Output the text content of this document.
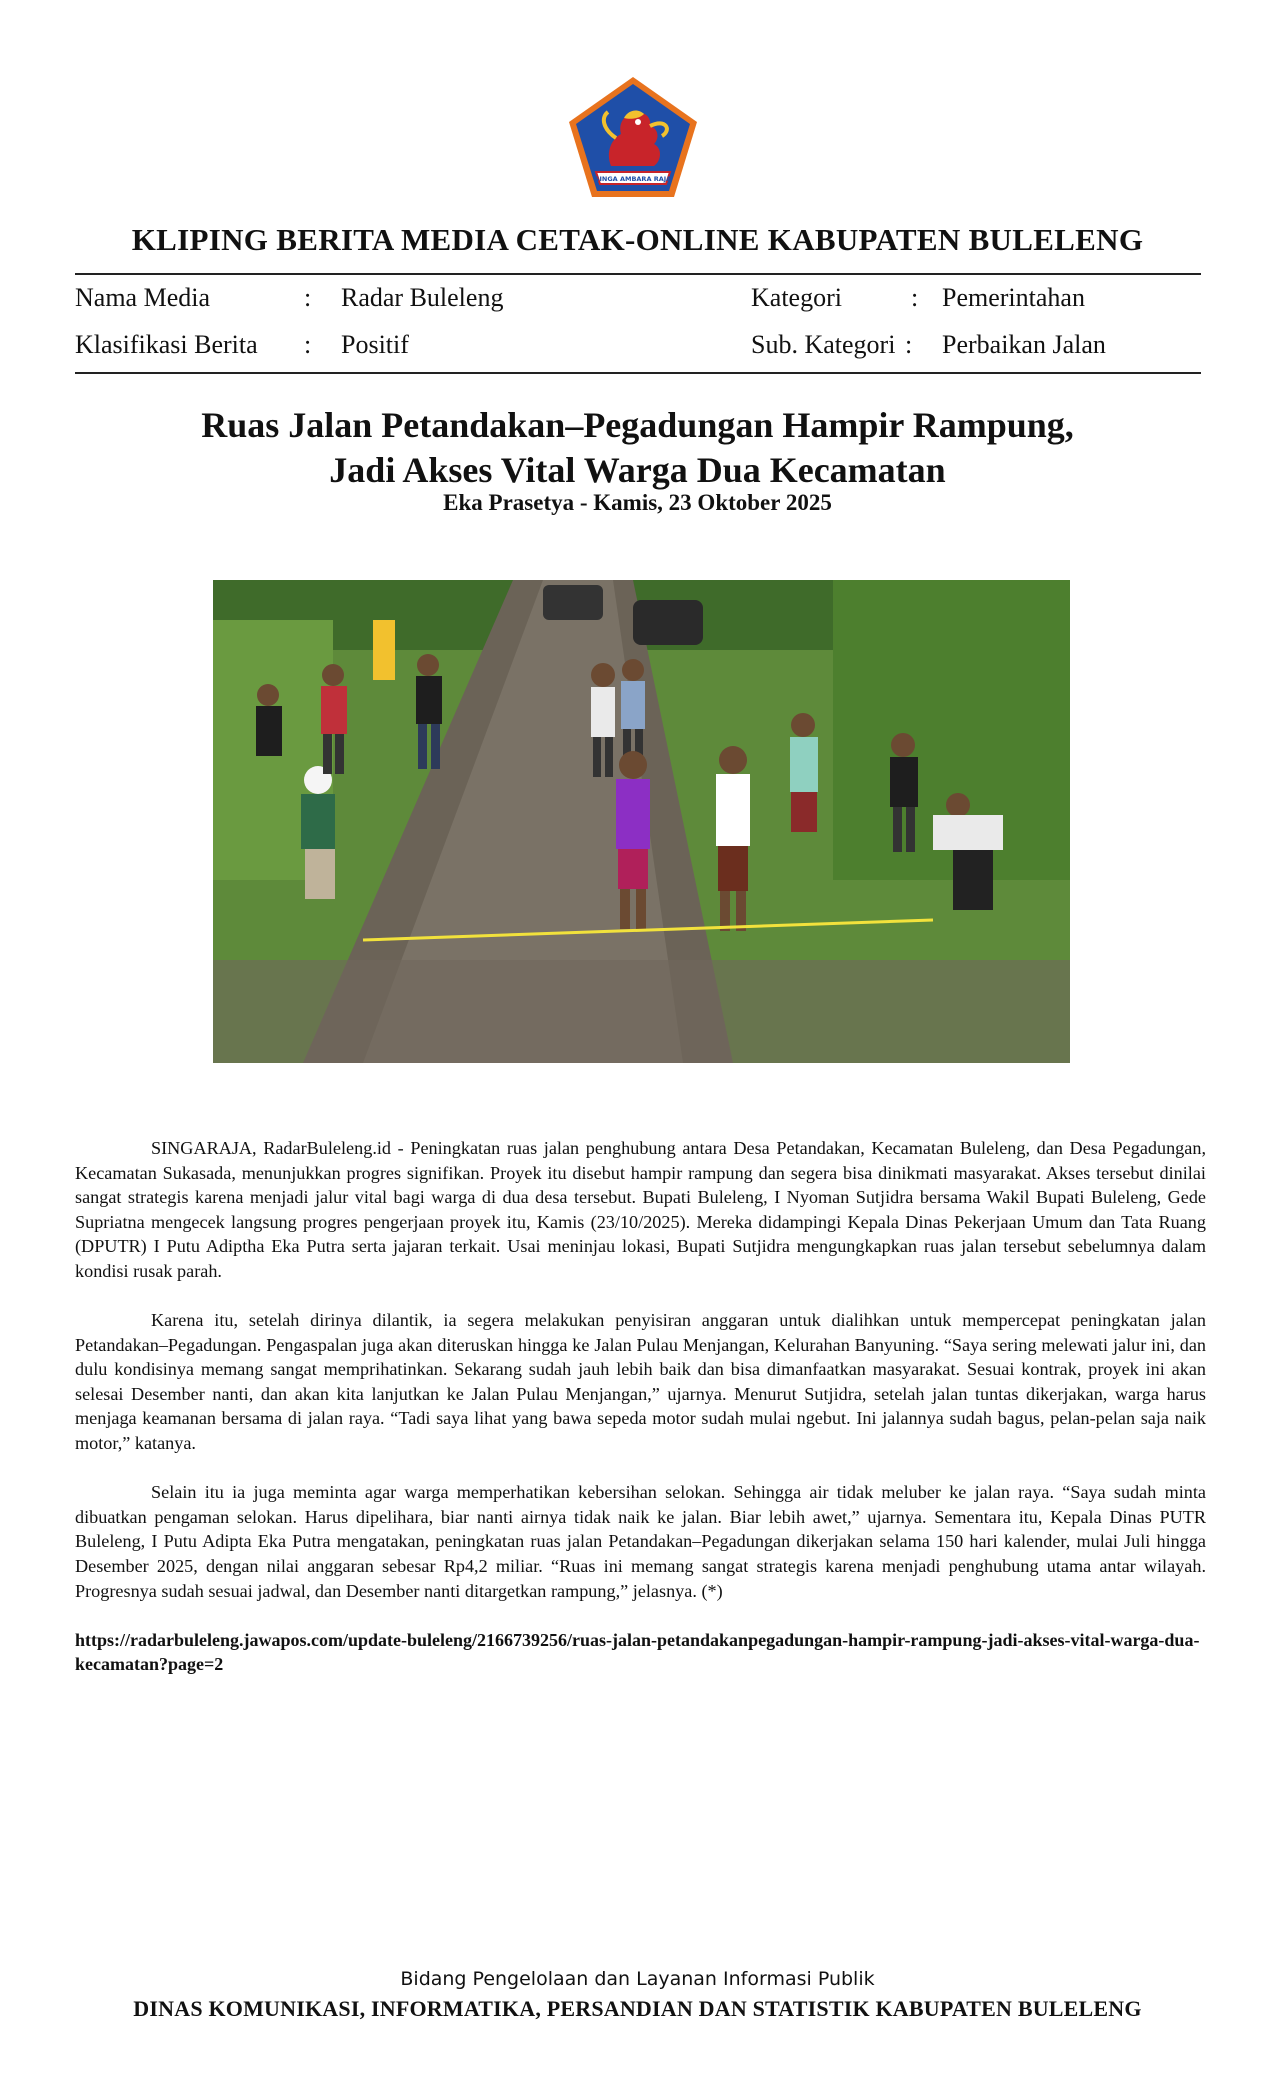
SINGA AMBARA RAJA
KLIPING BERITA MEDIA CETAK-ONLINE KABUPATEN BULELENG
Nama Media	: Radar Buleleng
Klasifikasi Berita : Positif
Kategori	: Pemerintahan
Sub. Kategori : Perbaikan Jalan
Ruas Jalan Petandakan–Pegadungan Hampir Rampung,
Jadi Akses Vital Warga Dua Kecamatan
Eka Prasetya - Kamis, 23 Oktober 2025

SINGARAJA, RadarBuleleng.id - Peningkatan ruas jalan penghubung antara Desa Petandakan, Kecamatan Buleleng, dan Desa Pegadungan, Kecamatan Sukasada, menunjukkan progres signifikan. Proyek itu disebut hampir rampung dan segera bisa dinikmati masyarakat. Akses tersebut dinilai sangat strategis karena menjadi jalur vital bagi warga di dua desa tersebut. Bupati Buleleng, I Nyoman Sutjidra bersama Wakil Bupati Buleleng, Gede Supriatna mengecek langsung progres pengerjaan proyek itu, Kamis (23/10/2025). Mereka didampingi Kepala Dinas Pekerjaan Umum dan Tata Ruang (DPUTR) I Putu Adiptha Eka Putra serta jajaran terkait. Usai meninjau lokasi, Bupati Sutjidra mengungkapkan ruas jalan tersebut sebelumnya dalam kondisi rusak parah.

Karena itu, setelah dirinya dilantik, ia segera melakukan penyisiran anggaran untuk dialihkan untuk mempercepat peningkatan jalan Petandakan–Pegadungan. Pengaspalan juga akan diteruskan hingga ke Jalan Pulau Menjangan, Kelurahan Banyuning. “Saya sering melewati jalur ini, dan dulu kondisinya memang sangat memprihatinkan. Sekarang sudah jauh lebih baik dan bisa dimanfaatkan masyarakat. Sesuai kontrak, proyek ini akan selesai Desember nanti, dan akan kita lanjutkan ke Jalan Pulau Menjangan,” ujarnya. Menurut Sutjidra, setelah jalan tuntas dikerjakan, warga harus menjaga keamanan bersama di jalan raya. “Tadi saya lihat yang bawa sepeda motor sudah mulai ngebut. Ini jalannya sudah bagus, pelan-pelan saja naik motor,” katanya.

Selain itu ia juga meminta agar warga memperhatikan kebersihan selokan. Sehingga air tidak meluber ke jalan raya. “Saya sudah minta dibuatkan pengaman selokan. Harus dipelihara, biar nanti airnya tidak naik ke jalan. Biar lebih awet,” ujarnya. Sementara itu, Kepala Dinas PUTR Buleleng, I Putu Adipta Eka Putra mengatakan, peningkatan ruas jalan Petandakan–Pegadungan dikerjakan selama 150 hari kalender, mulai Juli hingga Desember 2025, dengan nilai anggaran sebesar Rp4,2 miliar. “Ruas ini memang sangat strategis karena menjadi penghubung utama antar wilayah. Progresnya sudah sesuai jadwal, dan Desember nanti ditargetkan rampung,” jelasnya. (*)

https://radarbuleleng.jawapos.com/update-buleleng/2166739256/ruas-jalan-petandakanpegadungan-hampir-rampung-jadi-akses-vital-warga-dua-kecamatan?page=2

Bidang Pengelolaan dan Layanan Informasi Publik
DINAS KOMUNIKASI, INFORMATIKA, PERSANDIAN DAN STATISTIK KABUPATEN BULELENG
